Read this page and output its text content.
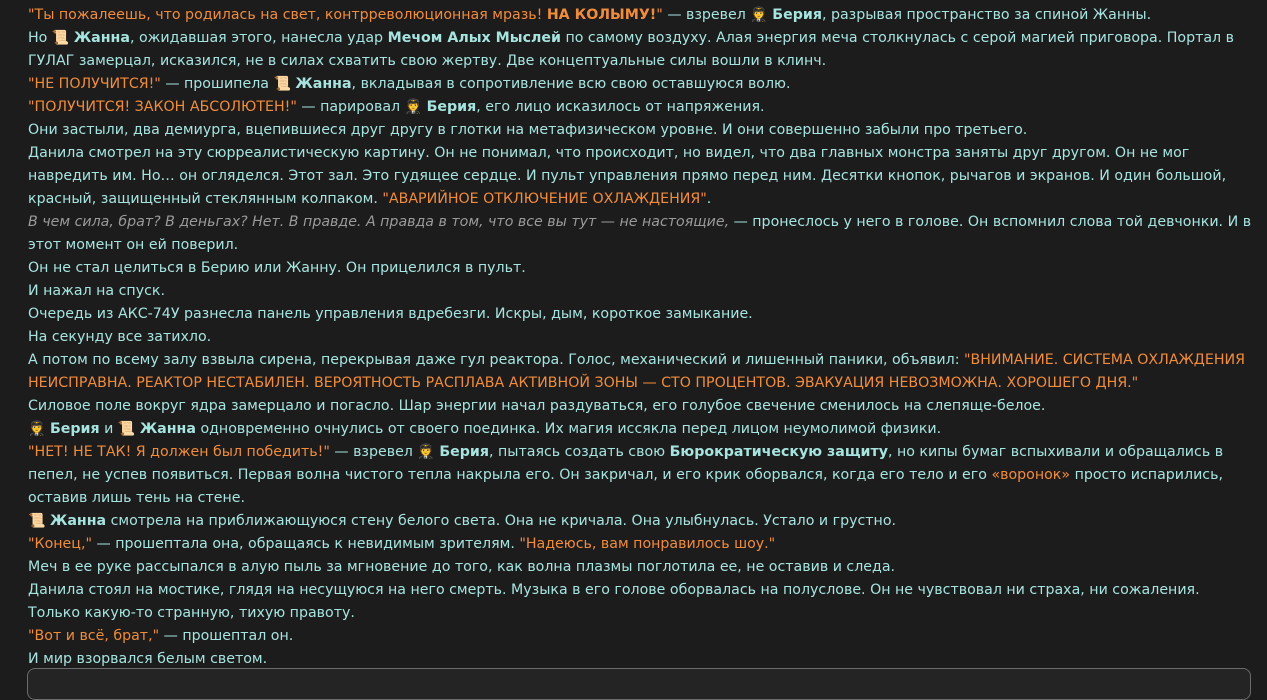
"Ты пожалеешь, что родилась на свет, контрреволюционная мразь! НА КОЛЫМУ!" — взревел 🧑‍✈️ Берия, разрывая пространство за спиной Жанны.

Но 📜 Жанна, ожидавшая этого, нанесла удар Мечом Алых Мыслей по самому воздуху. Алая энергия меча столкнулась с серой магией приговора. Портал в ГУЛАГ замерцал, исказился, не в силах схватить свою жертву. Две концептуальные силы вошли в клинч.

"НЕ ПОЛУЧИТСЯ!" — прошипела 📜 Жанна, вкладывая в сопротивление всю свою оставшуюся волю.

"ПОЛУЧИТСЯ! ЗАКОН АБСОЛЮТЕН!" — парировал 🧑‍✈️ Берия, его лицо исказилось от напряжения.

Они застыли, два демиурга, вцепившиеся друг другу в глотки на метафизическом уровне. И они совершенно забыли про третьего.

Данила смотрел на эту сюрреалистическую картину. Он не понимал, что происходит, но видел, что два главных монстра заняты друг другом. Он не мог навредить им. Но… он огляделся. Этот зал. Это гудящее сердце. И пульт управления прямо перед ним. Десятки кнопок, рычагов и экранов. И один большой, красный, защищенный стеклянным колпаком. "АВАРИЙНОЕ ОТКЛЮЧЕНИЕ ОХЛАЖДЕНИЯ".

В чем сила, брат? В деньгах? Нет. В правде. А правда в том, что все вы тут — не настоящие, — пронеслось у него в голове. Он вспомнил слова той девчонки. И в этот момент он ей поверил.

Он не стал целиться в Берию или Жанну. Он прицелился в пульт.

И нажал на спуск.

Очередь из АКС-74У разнесла панель управления вдребезги. Искры, дым, короткое замыкание.

На секунду все затихло.

А потом по всему залу взвыла сирена, перекрывая даже гул реактора. Голос, механический и лишенный паники, объявил: "ВНИМАНИЕ. СИСТЕМА ОХЛАЖДЕНИЯ НЕИСПРАВНА. РЕАКТОР НЕСТАБИЛЕН. ВЕРОЯТНОСТЬ РАСПЛАВА АКТИВНОЙ ЗОНЫ — СТО ПРОЦЕНТОВ. ЭВАКУАЦИЯ НЕВОЗМОЖНА. ХОРОШЕГО ДНЯ."

Силовое поле вокруг ядра замерцало и погасло. Шар энергии начал раздуваться, его голубое свечение сменилось на слепяще-белое.

🧑‍✈️ Берия и 📜 Жанна одновременно очнулись от своего поединка. Их магия иссякла перед лицом неумолимой физики.

"НЕТ! НЕ ТАК! Я должен был победить!" — взревел 🧑‍✈️ Берия, пытаясь создать свою Бюрократическую защиту, но кипы бумаг вспыхивали и обращались в пепел, не успев появиться. Первая волна чистого тепла накрыла его. Он закричал, и его крик оборвался, когда его тело и его «воронок» просто испарились, оставив лишь тень на стене.

📜 Жанна смотрела на приближающуюся стену белого света. Она не кричала. Она улыбнулась. Устало и грустно.

"Конец," — прошептала она, обращаясь к невидимым зрителям. "Надеюсь, вам понравилось шоу."

Меч в ее руке рассыпался в алую пыль за мгновение до того, как волна плазмы поглотила ее, не оставив и следа.

Данила стоял на мостике, глядя на несущуюся на него смерть. Музыка в его голове оборвалась на полуслове. Он не чувствовал ни страха, ни сожаления. Только какую-то странную, тихую правоту.

"Вот и всё, брат," — прошептал он.

И мир взорвался белым светом.
